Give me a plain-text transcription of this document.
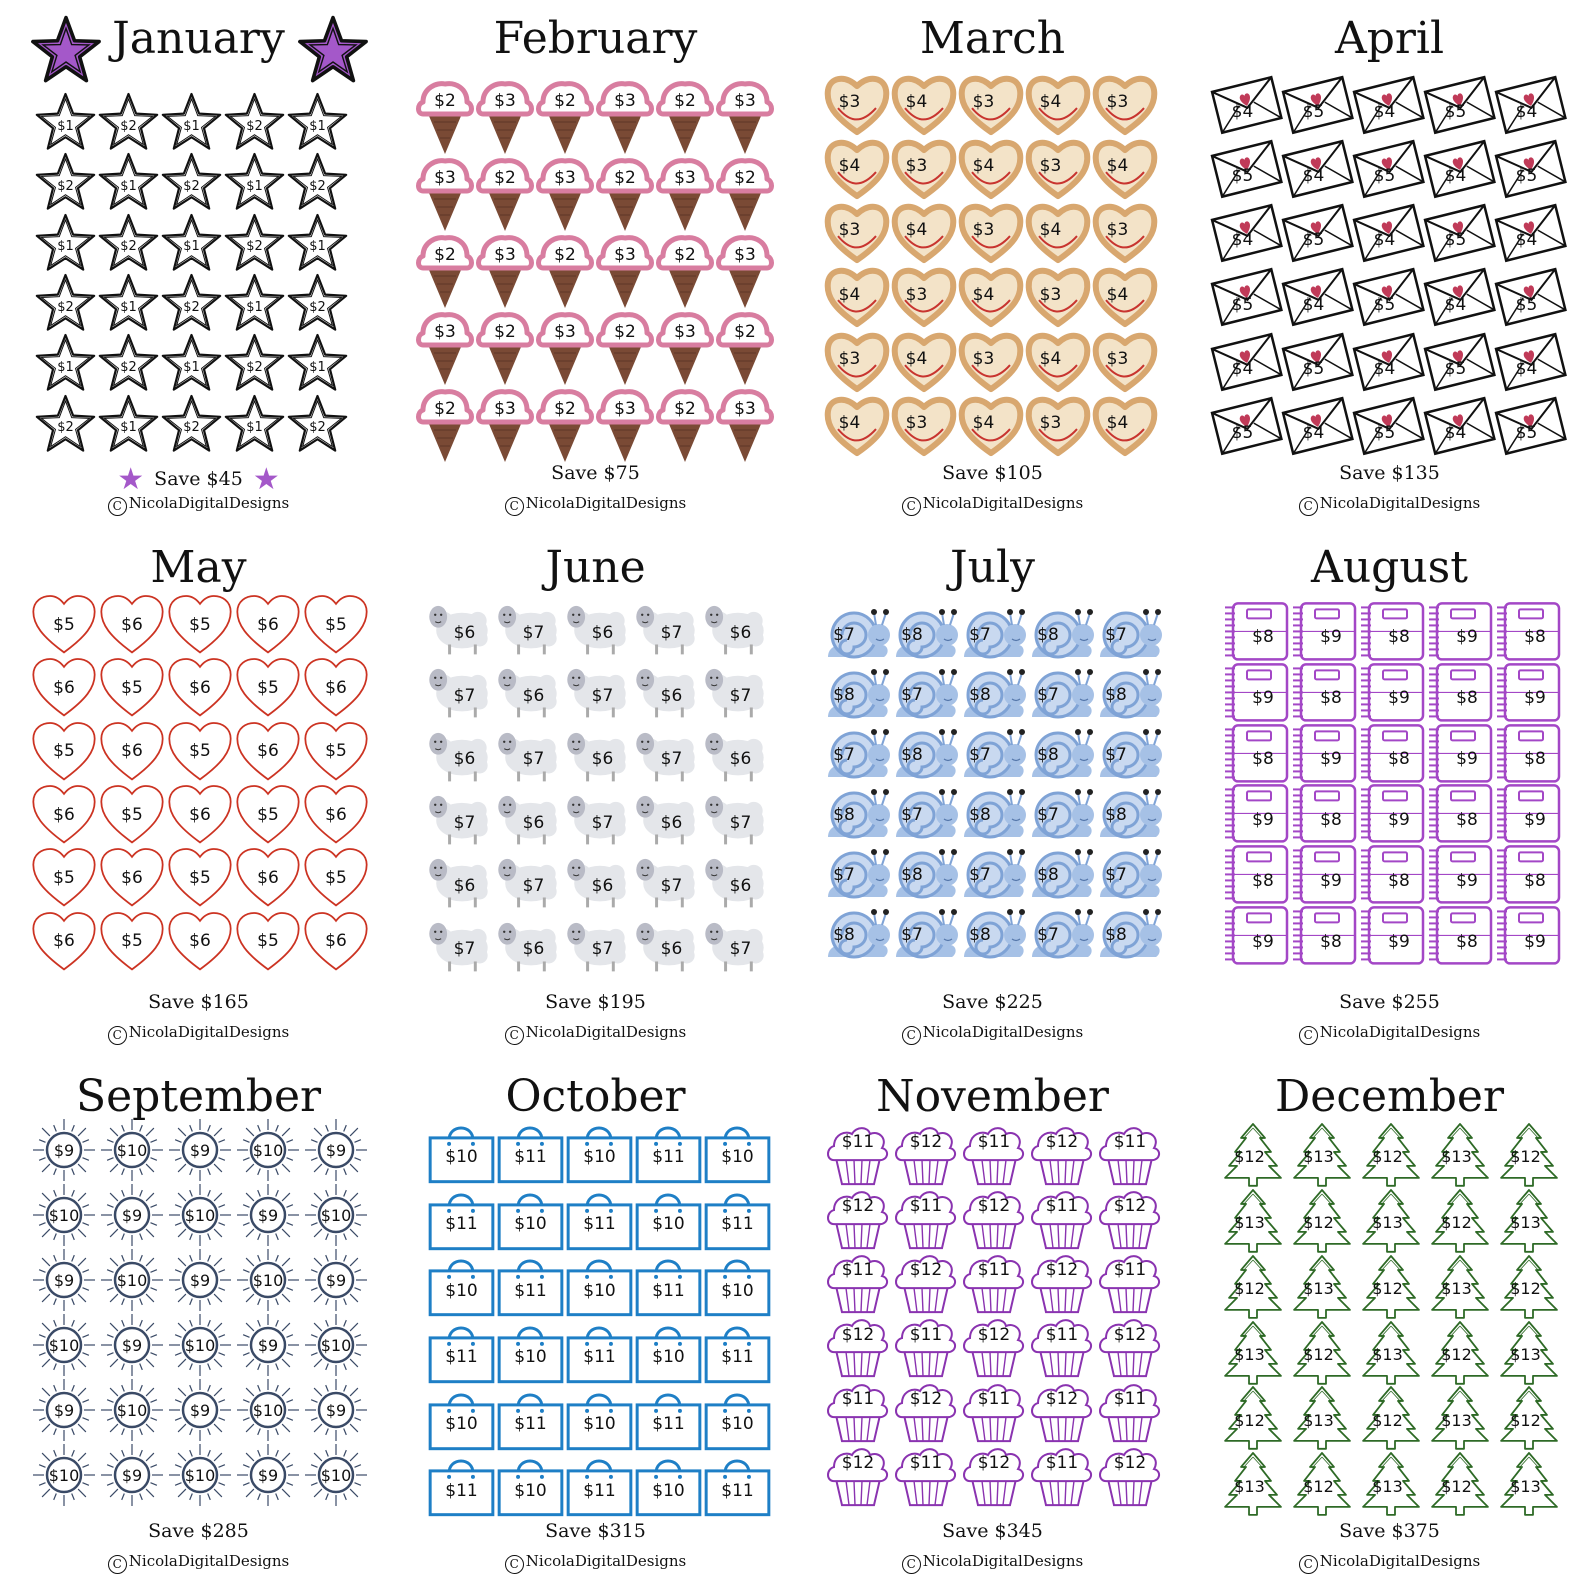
January
$1	$2	$1	$2	$1
$2	$1	$2	$1	$2
$1	$2	$1	$2	$1
$2	$1	$2	$1	$2
$1	$2	$1	$2	$1
$2	$1	$2	$1	$2
★ Save $45 ★
C NicolaDigitalDesigns
February
$2 $3 $2 $3 $2 $3
$3 $2 $3 $2 $3 $2
$2 $3 $2 $3 $2 $3
$3 $2 $3 $2 $3 $2
$2 $3 $2 $3 $2 $3
Save $75
C NicolaDigitalDesigns
March
$3	$4	$3	$4	$3
$4	$3	$4	$3	$4
$3	$4	$3	$4	$3
$4	$3	$4	$3	$4
$3	$4	$3	$4	$3
$4	$3	$4	$3	$4
Save $105
C NicolaDigitalDesigns
April
$4	$5	$4	$5	$4
$5	$4	$5	$4	$5
$4	$5	$4	$5	$4
$5	$4	$5	$4	$5
$4	$5	$4	$5	$4
$5	$4	$5	$4	$5
Save $135
C NicolaDigitalDesigns
May
$5	$6	$5	$6	$5
$6	$5	$6	$5	$6
$5	$6	$5	$6	$5
$6	$5	$6	$5	$6
$5	$6	$5	$6	$5
$6	$5	$6	$5	$6
Save $165
C NicolaDigitalDesigns
June
$6	$7	$6	$7	$6
$7	$6	$7	$6	$7
$6	$7	$6	$7	$6
$7	$6	$7	$6	$7
$6	$7	$6	$7	$6
$7	$6	$7	$6	$7
Save $195
C NicolaDigitalDesigns
July
$7	$8	$7	$8	$7
$8	$7	$8	$7	$8
$7	$8	$7	$8	$7
$8	$7	$8	$7	$8
$7	$8	$7	$8	$7
$8	$7	$8	$7	$8
Save $225
C NicolaDigitalDesigns
August
$8	$9	$8	$9	$8
$9	$8	$9	$8	$9
$8	$9	$8	$9	$8
$9	$8	$9	$8	$9
$8	$9	$8	$9	$8
$9	$8	$9	$8	$9
Save $255
C NicolaDigitalDesigns
September
$9	$10	$9	$10	$9
$10	$9	$10	$9	$10
$9	$10	$9	$10	$9
$10	$9	$10	$9	$10
$9	$10	$9	$10	$9
$10	$9	$10	$9	$10
Save $285
C NicolaDigitalDesigns
October
$10 $11 $10 $11 $10
$11 $10 $11 $10 $11
$10 $11 $10 $11 $10
$11 $10 $11 $10 $11
$10 $11 $10 $11 $10
$11 $10 $11 $10 $11
Save $315
C NicolaDigitalDesigns
November
$11 $12 $11 $12 $11
$12 $11 $12 $11 $12
$11 $12 $11 $12 $11
$12 $11 $12 $11 $12
$11 $12 $11 $12 $11
$12 $11 $12 $11 $12
Save $345
C NicolaDigitalDesigns
December
$12 $13 $12 $13 $12
$13 $12 $13 $12 $13
$12 $13 $12 $13 $12
$13 $12 $13 $12 $13
$12 $13 $12 $13 $12
$13 $12 $13 $12 $13
Save $375
C NicolaDigitalDesigns
